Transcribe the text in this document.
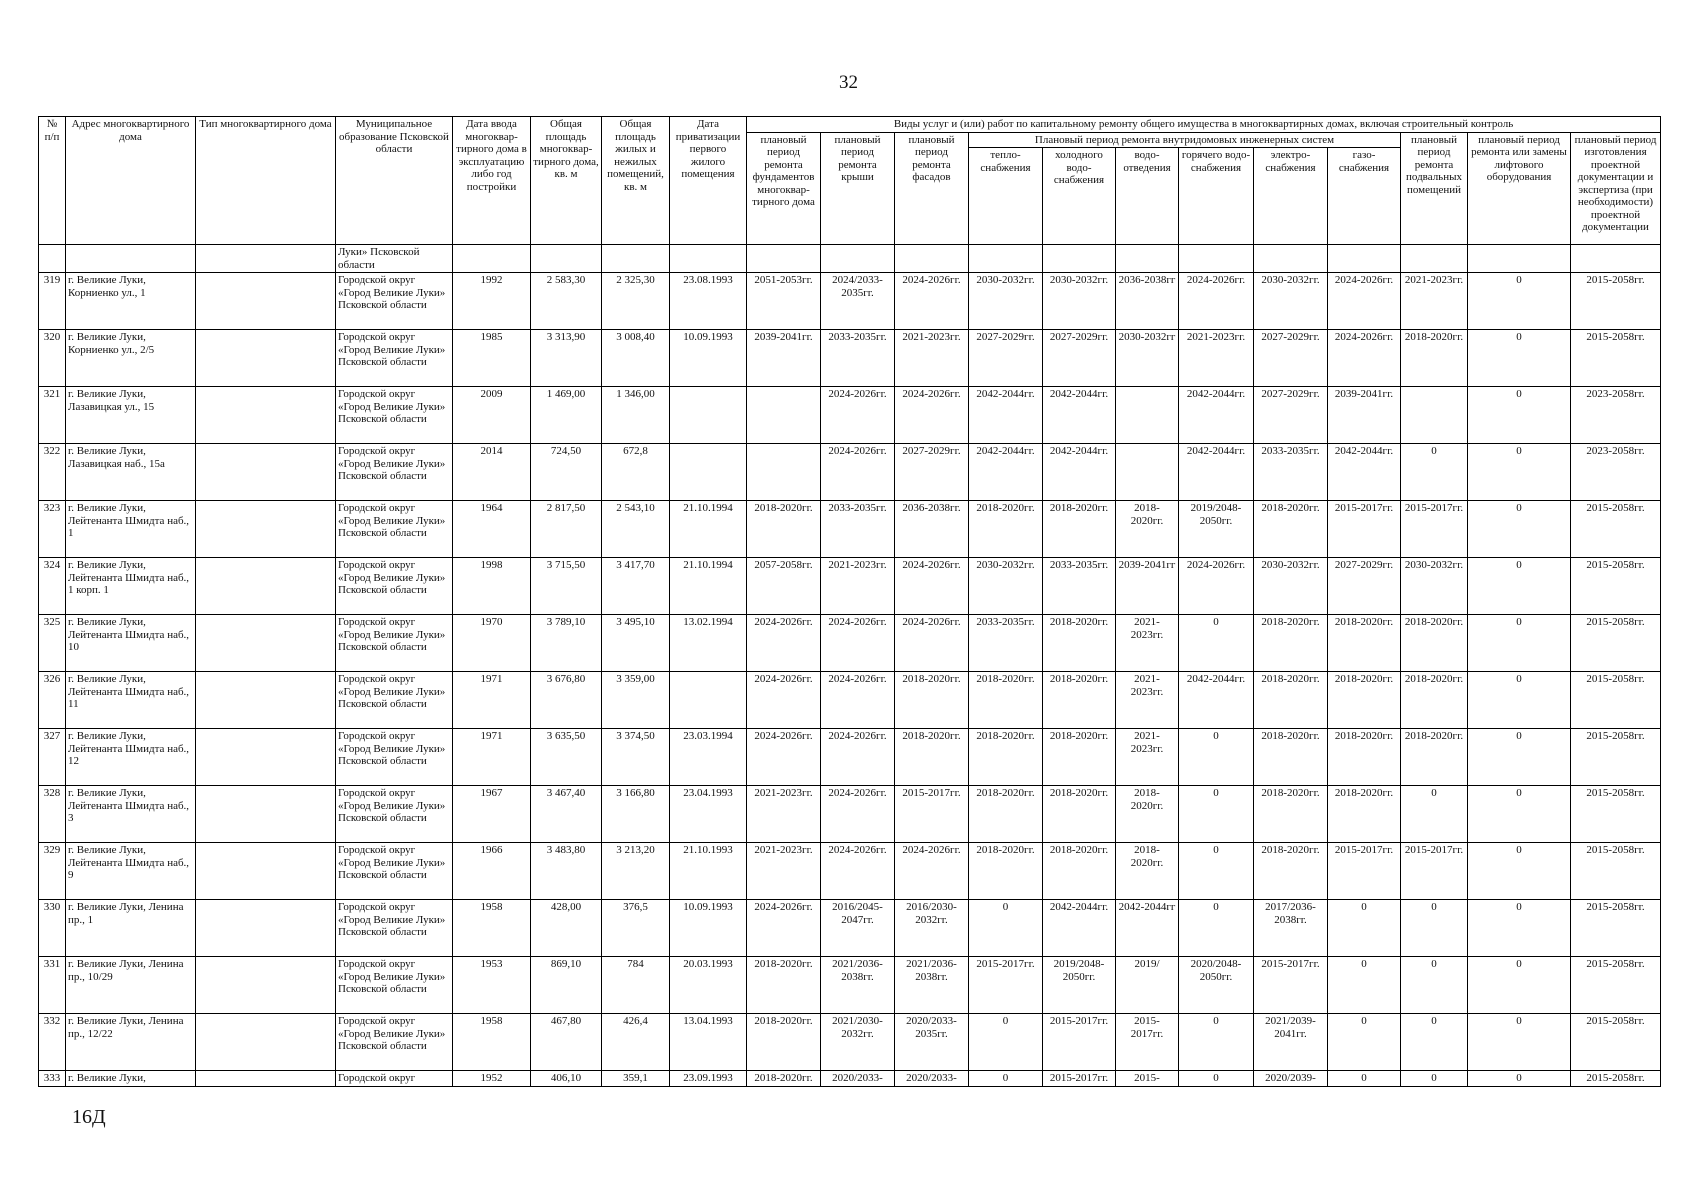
32
№ п/п	Адрес многоквартирного дома	Тип многоквартирного дома	Муниципальное образование Псковской области	Дата ввода многоквар-тирного дома в эксплуатацию либо год постройки	Общая площадь многоквар-тирного дома, кв. м	Общая площадь жилых и нежилых помещений, кв. м	Дата приватизации первого жилого помещения	Виды услуг и (или) работ по капитальному ремонту общего имущества в многоквартирных домах, включая строительный контроль											
								плановый период ремонта фундаментов многоквар-тирного дома	плановый период ремонта крыши	плановый период ремонта фасадов	Плановый период ремонта внутридомовых инженерных систем						плановый период ремонта подвальных помещений	плановый период ремонта или замены лифтового оборудования	плановый период изготовления проектной документации и экспертиза (при необходимости) проектной документации
											тепло-снабжения	холодного водо-снабжения	водо-отведения	горячего водо-снабжения	электро-снабжения	газо-снабжения			
			Луки» Псковской области																
319	г. Великие Луки, Корниенко ул., 1		Городской округ «Город Великие Луки» Псковской области	1992	2 583,30	2 325,30	23.08.1993	2051-2053гг.	2024/2033-2035гг.	2024-2026гг.	2030-2032гг.	2030-2032гг.	2036-2038гг	2024-2026гг.	2030-2032гг.	2024-2026гг.	2021-2023гг.	0	2015-2058гг.
320	г. Великие Луки, Корниенко ул., 2/5		Городской округ «Город Великие Луки» Псковской области	1985	3 313,90	3 008,40	10.09.1993	2039-2041гг.	2033-2035гг.	2021-2023гг.	2027-2029гг.	2027-2029гг.	2030-2032гг	2021-2023гг.	2027-2029гг.	2024-2026гг.	2018-2020гг.	0	2015-2058гг.
321	г. Великие Луки, Лазавицкая ул., 15		Городской округ «Город Великие Луки» Псковской области	2009	1 469,00	1 346,00			2024-2026гг.	2024-2026гг.	2042-2044гг.	2042-2044гг.		2042-2044гг.	2027-2029гг.	2039-2041гг.		0	2023-2058гг.
322	г. Великие Луки, Лазавицкая наб., 15а		Городской округ «Город Великие Луки» Псковской области	2014	724,50	672,8			2024-2026гг.	2027-2029гг.	2042-2044гг.	2042-2044гг.		2042-2044гг.	2033-2035гг.	2042-2044гг.	0	0	2023-2058гг.
323	г. Великие Луки, Лейтенанта Шмидта наб., 1		Городской округ «Город Великие Луки» Псковской области	1964	2 817,50	2 543,10	21.10.1994	2018-2020гг.	2033-2035гг.	2036-2038гг.	2018-2020гг.	2018-2020гг.	2018-2020гг.	2019/2048-2050гг.	2018-2020гг.	2015-2017гг.	2015-2017гг.	0	2015-2058гг.
324	г. Великие Луки, Лейтенанта Шмидта наб., 1 корп. 1		Городской округ «Город Великие Луки» Псковской области	1998	3 715,50	3 417,70	21.10.1994	2057-2058гг.	2021-2023гг.	2024-2026гг.	2030-2032гг.	2033-2035гг.	2039-2041гг	2024-2026гг.	2030-2032гг.	2027-2029гг.	2030-2032гг.	0	2015-2058гг.
325	г. Великие Луки, Лейтенанта Шмидта наб., 10		Городской округ «Город Великие Луки» Псковской области	1970	3 789,10	3 495,10	13.02.1994	2024-2026гг.	2024-2026гг.	2024-2026гг.	2033-2035гг.	2018-2020гг.	2021-2023гг.	0	2018-2020гг.	2018-2020гг.	2018-2020гг.	0	2015-2058гг.
326	г. Великие Луки, Лейтенанта Шмидта наб., 11		Городской округ «Город Великие Луки» Псковской области	1971	3 676,80	3 359,00		2024-2026гг.	2024-2026гг.	2018-2020гг.	2018-2020гг.	2018-2020гг.	2021-2023гг.	2042-2044гг.	2018-2020гг.	2018-2020гг.	2018-2020гг.	0	2015-2058гг.
327	г. Великие Луки, Лейтенанта Шмидта наб., 12		Городской округ «Город Великие Луки» Псковской области	1971	3 635,50	3 374,50	23.03.1994	2024-2026гг.	2024-2026гг.	2018-2020гг.	2018-2020гг.	2018-2020гг.	2021-2023гг.	0	2018-2020гг.	2018-2020гг.	2018-2020гг.	0	2015-2058гг.
328	г. Великие Луки, Лейтенанта Шмидта наб., 3		Городской округ «Город Великие Луки» Псковской области	1967	3 467,40	3 166,80	23.04.1993	2021-2023гг.	2024-2026гг.	2015-2017гг.	2018-2020гг.	2018-2020гг.	2018-2020гг.	0	2018-2020гг.	2018-2020гг.	0	0	2015-2058гг.
329	г. Великие Луки, Лейтенанта Шмидта наб., 9		Городской округ «Город Великие Луки» Псковской области	1966	3 483,80	3 213,20	21.10.1993	2021-2023гг.	2024-2026гг.	2024-2026гг.	2018-2020гг.	2018-2020гг.	2018-2020гг.	0	2018-2020гг.	2015-2017гг.	2015-2017гг.	0	2015-2058гг.
330	г. Великие Луки, Ленина пр., 1		Городской округ «Город Великие Луки» Псковской области	1958	428,00	376,5	10.09.1993	2024-2026гг.	2016/2045-2047гг.	2016/2030-2032гг.	0	2042-2044гг.	2042-2044гг	0	2017/2036-2038гг.	0	0	0	2015-2058гг.
331	г. Великие Луки, Ленина пр., 10/29		Городской округ «Город Великие Луки» Псковской области	1953	869,10	784	20.03.1993	2018-2020гг.	2021/2036-2038гг.	2021/2036-2038гг.	2015-2017гг.	2019/2048-2050гг.	2019/	2020/2048-2050гг.	2015-2017гг.	0	0	0	2015-2058гг.
332	г. Великие Луки, Ленина пр., 12/22		Городской округ «Город Великие Луки» Псковской области	1958	467,80	426,4	13.04.1993	2018-2020гг.	2021/2030-2032гг.	2020/2033-2035гг.	0	2015-2017гг.	2015-2017гг.	0	2021/2039-2041гг.	0	0	0	2015-2058гг.
333	г. Великие Луки,		Городской округ	1952	406,10	359,1	23.09.1993	2018-2020гг.	2020/2033-	2020/2033-	0	2015-2017гг.	2015-	0	2020/2039-	0	0	0	2015-2058гг.
16Д
